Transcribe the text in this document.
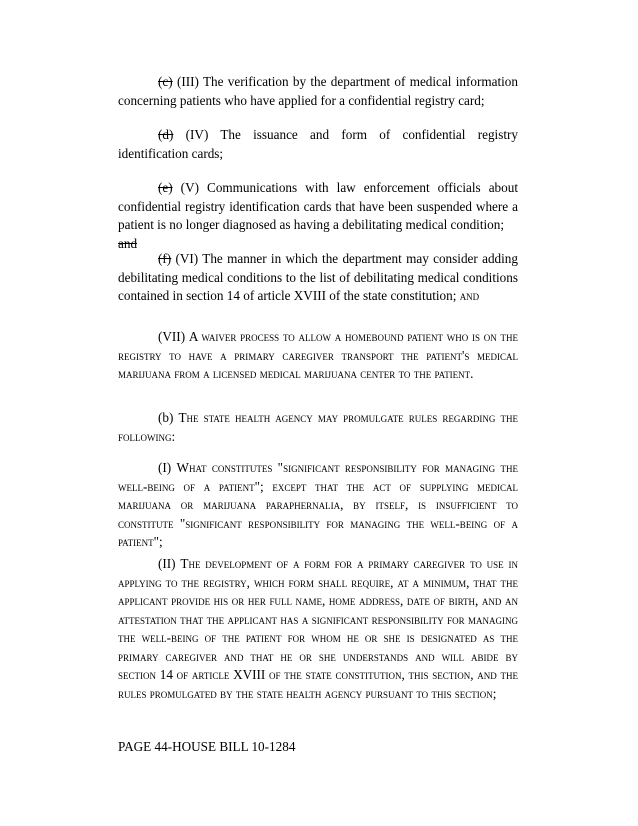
(c) (III) The verification by the department of medical information concerning patients who have applied for a confidential registry card;

(d) (IV) The issuance and form of confidential registry identification cards;

(e) (V) Communications with law enforcement officials about confidential registry identification cards that have been suspended where a patient is no longer diagnosed as having a debilitating medical condition;
and

(f) (VI) The manner in which the department may consider adding debilitating medical conditions to the list of debilitating medical conditions contained in section 14 of article XVIII of the state constitution; and

(VII) A waiver process to allow a homebound patient who is on the registry to have a primary caregiver transport the patient's medical marijuana from a licensed medical marijuana center to the patient.

(b) The state health agency may promulgate rules regarding the following:

(I) What constitutes "significant responsibility for managing the well-being of a patient"; except that the act of supplying medical marijuana or marijuana paraphernalia, by itself, is insufficient to constitute "significant responsibility for managing the well-being of a patient";

(II) The development of a form for a primary caregiver to use in applying to the registry, which form shall require, at a minimum, that the applicant provide his or her full name, home address, date of birth, and an attestation that the applicant has a significant responsibility for managing the well-being of the patient for whom he or she is designated as the primary caregiver and that he or she understands and will abide by section 14 of article XVIII of the state constitution, this section, and the rules promulgated by the state health agency pursuant to this section;

PAGE 44-HOUSE BILL 10-1284
